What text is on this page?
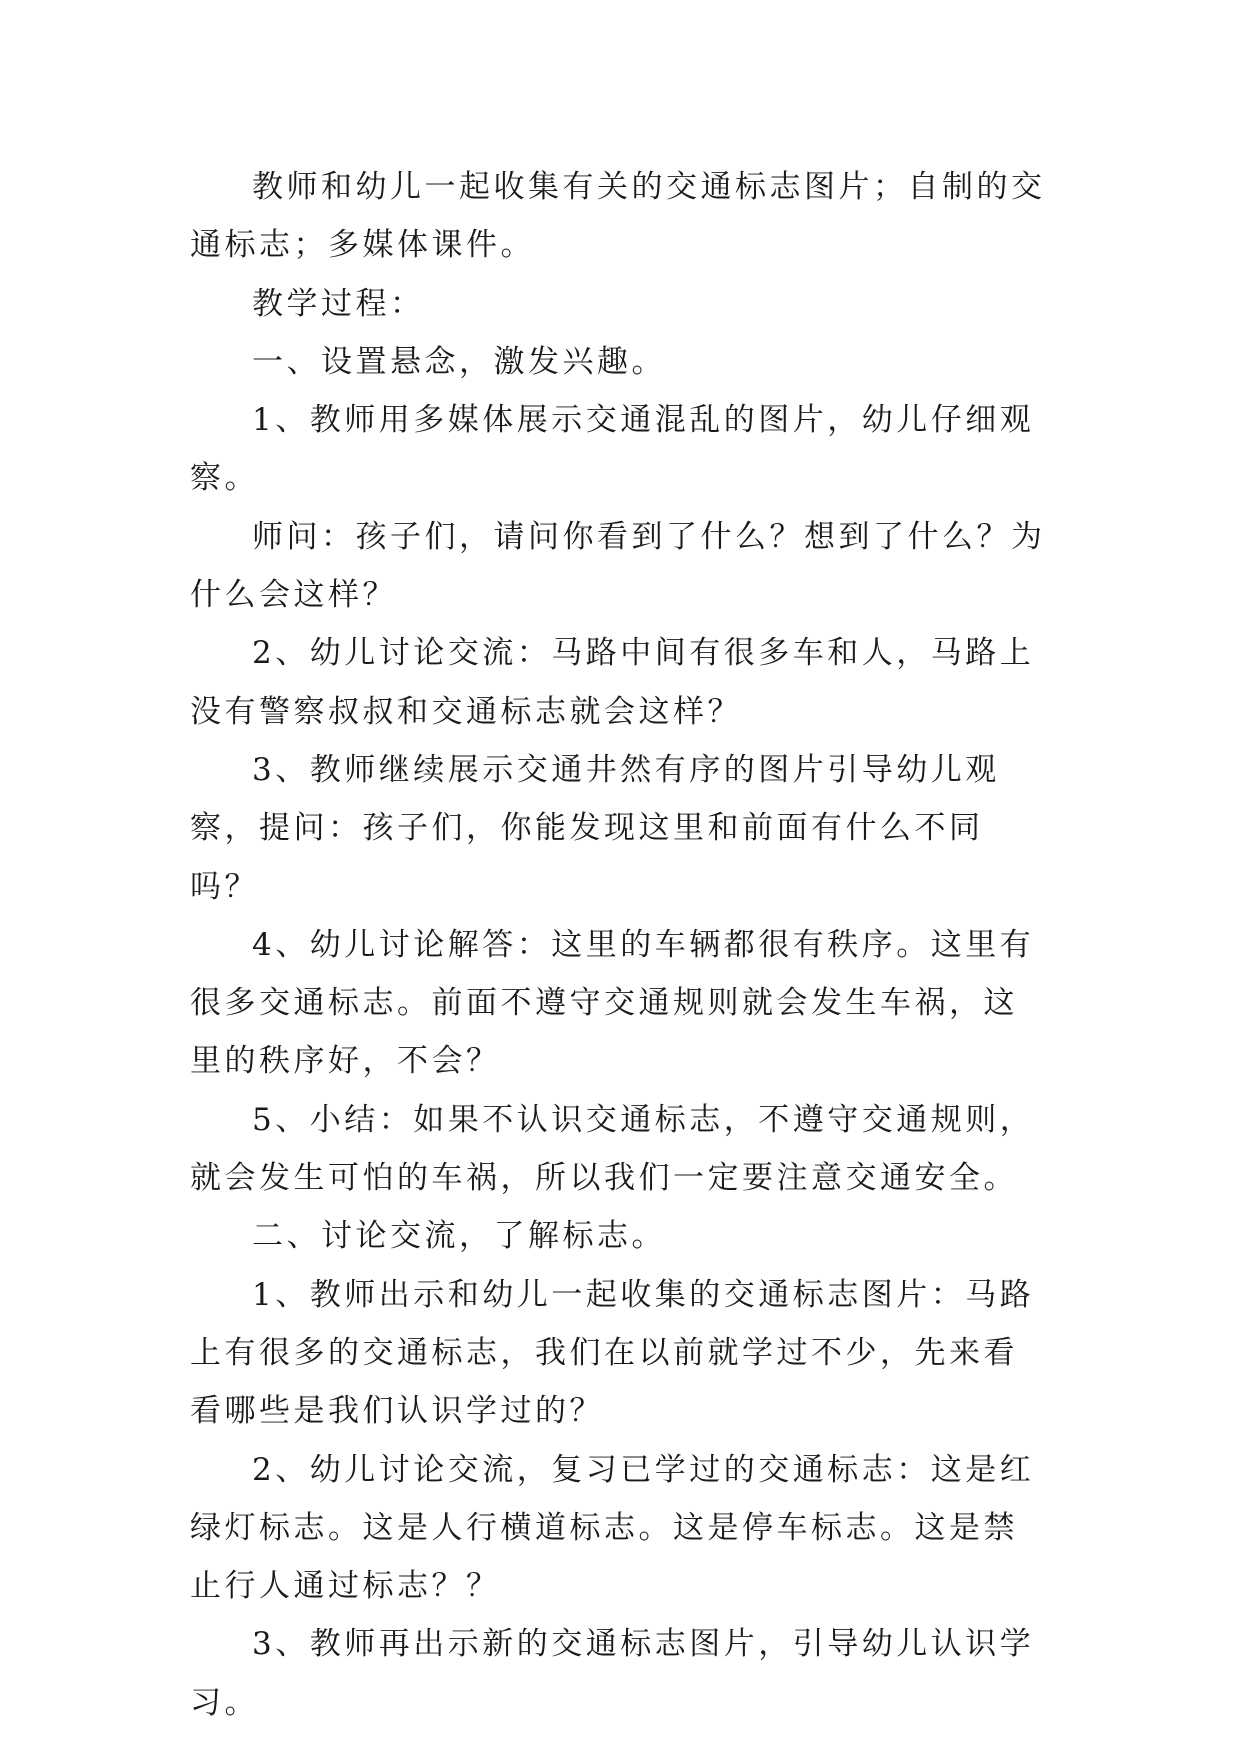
教师和幼儿一起收集有关的交通标志图片；自制的交通标志；多媒体课件。

教学过程：

一、设置悬念，激发兴趣。

1、教师用多媒体展示交通混乱的图片，幼儿仔细观察。

师问：孩子们，请问你看到了什么？想到了什么？为什么会这样？

2、幼儿讨论交流：马路中间有很多车和人，马路上没有警察叔叔和交通标志就会这样？

3、教师继续展示交通井然有序的图片引导幼儿观察，提问：孩子们，你能发现这里和前面有什么不同吗？

4、幼儿讨论解答：这里的车辆都很有秩序。这里有很多交通标志。前面不遵守交通规则就会发生车祸，这里的秩序好，不会？

5、小结：如果不认识交通标志，不遵守交通规则，就会发生可怕的车祸，所以我们一定要注意交通安全。

二、讨论交流，了解标志。

1、教师出示和幼儿一起收集的交通标志图片：马路上有很多的交通标志，我们在以前就学过不少，先来看看哪些是我们认识学过的？

2、幼儿讨论交流，复习已学过的交通标志：这是红绿灯标志。这是人行横道标志。这是停车标志。这是禁止行人通过标志？？

3、教师再出示新的交通标志图片，引导幼儿认识学习。
